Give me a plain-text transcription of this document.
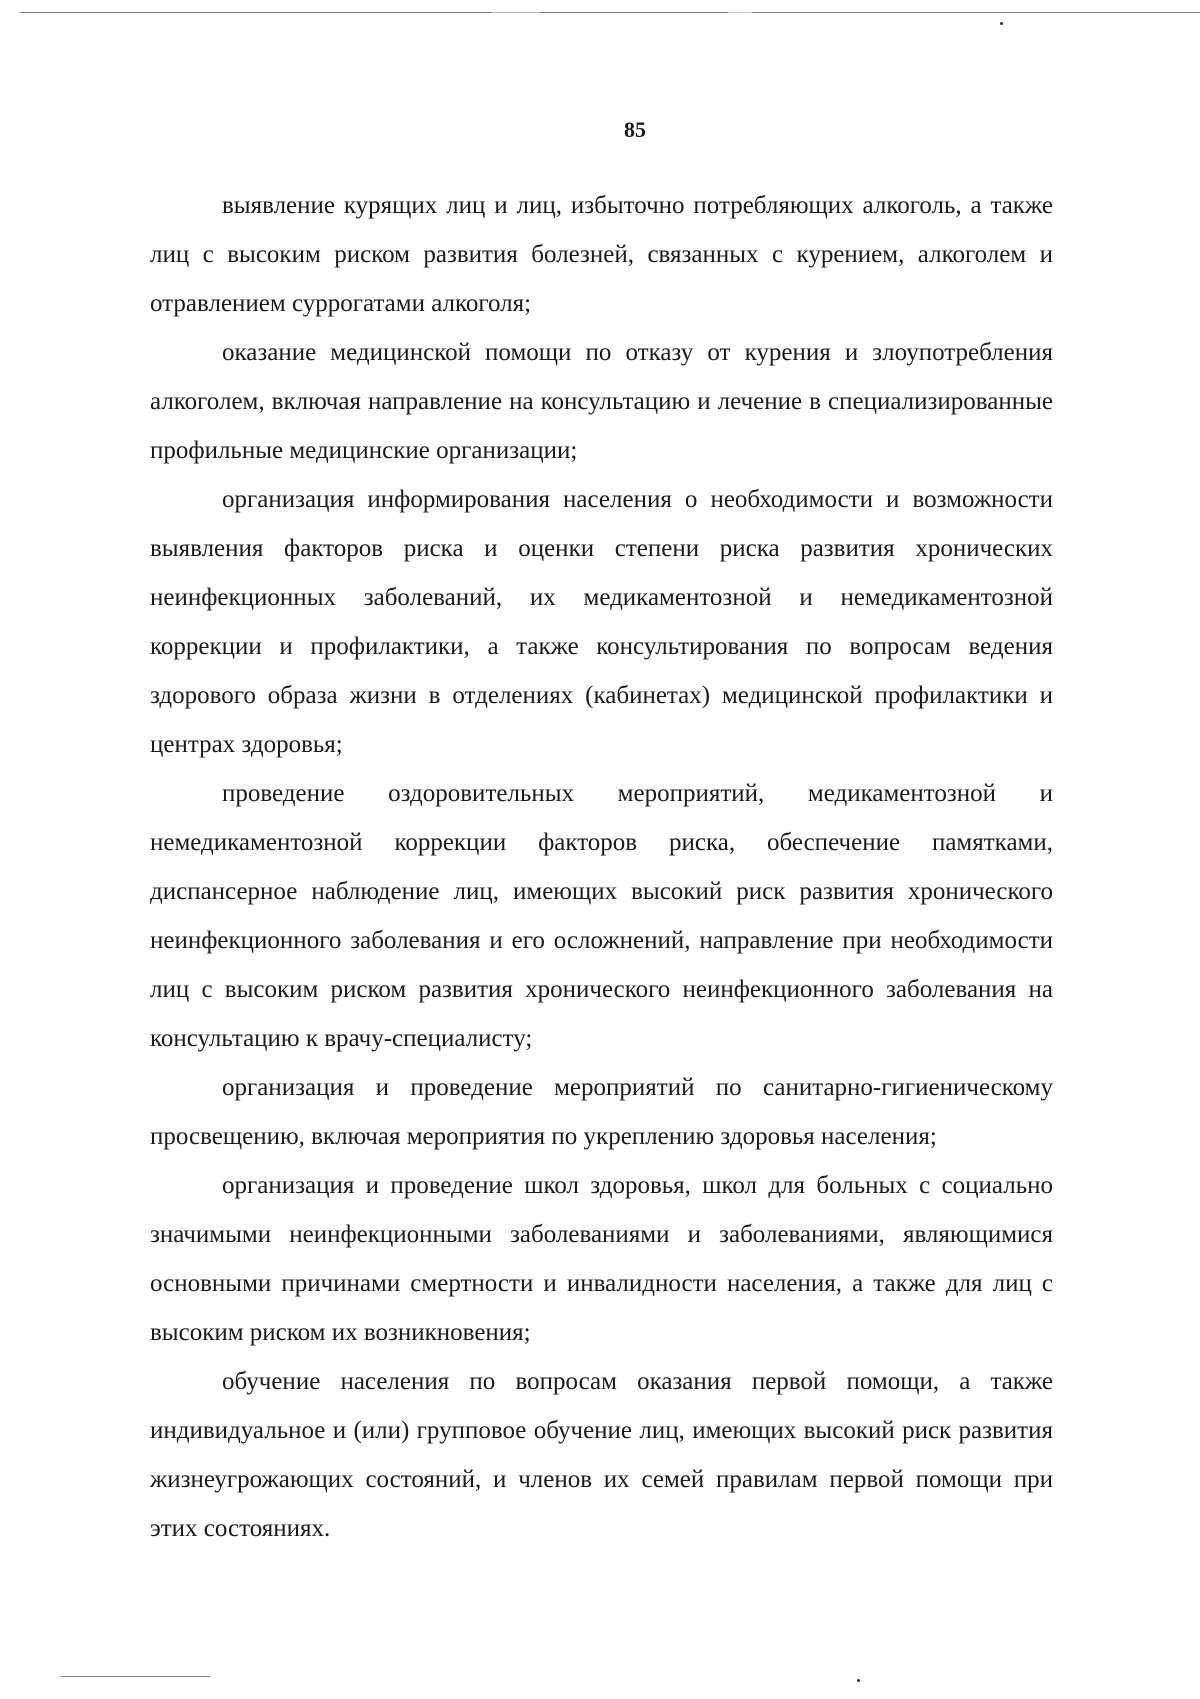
85

выявление курящих лиц и лиц, избыточно потребляющих алкоголь, а также лиц с высоким риском развития болезней, связанных с курением, алкоголем и отравлением суррогатами алкоголя;

оказание медицинской помощи по отказу от курения и злоупотребления алкоголем, включая направление на консультацию и лечение в специализированные профильные медицинские организации;

организация информирования населения о необходимости и возможности выявления факторов риска и оценки степени риска развития хронических неинфекционных заболеваний, их медикаментозной и немедикаментозной коррекции и профилактики, а также консультирования по вопросам ведения здорового образа жизни в отделениях (кабинетах) медицинской профилактики и центрах здоровья;

проведение оздоровительных мероприятий, медикаментозной и немедикаментозной коррекции факторов риска, обеспечение памятками, диспансерное наблюдение лиц, имеющих высокий риск развития хронического неинфекционного заболевания и его осложнений, направление при необходимости лиц с высоким риском развития хронического неинфекционного заболевания на консультацию к врачу-специалисту;

организация и проведение мероприятий по санитарно-гигиеническому просвещению, включая мероприятия по укреплению здоровья населения;

организация и проведение школ здоровья, школ для больных с социально значимыми неинфекционными заболеваниями и заболеваниями, являющимися основными причинами смертности и инвалидности населения, а также для лиц с высоким риском их возникновения;

обучение населения по вопросам оказания первой помощи, а также индивидуальное и (или) групповое обучение лиц, имеющих высокий риск развития жизнеугрожающих состояний, и членов их семей правилам первой помощи при этих состояниях.
